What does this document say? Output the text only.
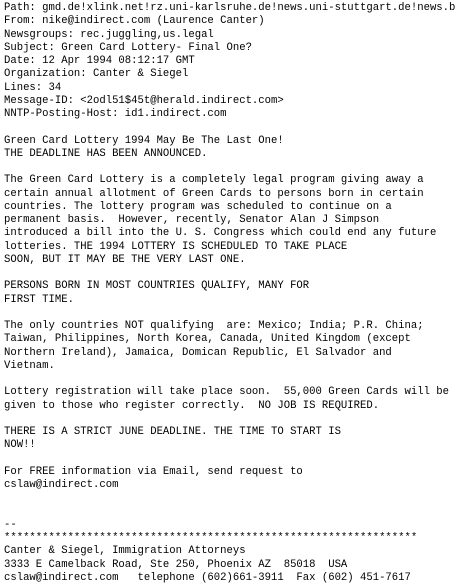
Path: gmd.de!xlink.net!rz.uni-karlsruhe.de!news.uni-stuttgart.de!news.b
From: nike@indirect.com (Laurence Canter)
Newsgroups: rec.juggling,us.legal
Subject: Green Card Lottery- Final One?
Date: 12 Apr 1994 08:12:17 GMT
Organization: Canter & Siegel
Lines: 34
Message-ID: <2odl51$45t@herald.indirect.com>
NNTP-Posting-Host: id1.indirect.com
Green Card Lottery 1994 May Be The Last One!
THE DEADLINE HAS BEEN ANNOUNCED.
The Green Card Lottery is a completely legal program giving away a
certain annual allotment of Green Cards to persons born in certain
countries. The lottery program was scheduled to continue on a
permanent basis.  However, recently, Senator Alan J Simpson
introduced a bill into the U. S. Congress which could end any future
lotteries. THE 1994 LOTTERY IS SCHEDULED TO TAKE PLACE
SOON, BUT IT MAY BE THE VERY LAST ONE.
PERSONS BORN IN MOST COUNTRIES QUALIFY, MANY FOR
FIRST TIME.
The only countries NOT qualifying  are: Mexico; India; P.R. China;
Taiwan, Philippines, North Korea, Canada, United Kingdom (except
Northern Ireland), Jamaica, Domican Republic, El Salvador and
Vietnam.
Lottery registration will take place soon.  55,000 Green Cards will be
given to those who register correctly.  NO JOB IS REQUIRED.
THERE IS A STRICT JUNE DEADLINE. THE TIME TO START IS
NOW!!
For FREE information via Email, send request to
cslaw@indirect.com
--
*****************************************************************
Canter & Siegel, Immigration Attorneys
3333 E Camelback Road, Ste 250, Phoenix AZ  85018  USA
cslaw@indirect.com   telephone (602)661-3911  Fax (602) 451-7617
